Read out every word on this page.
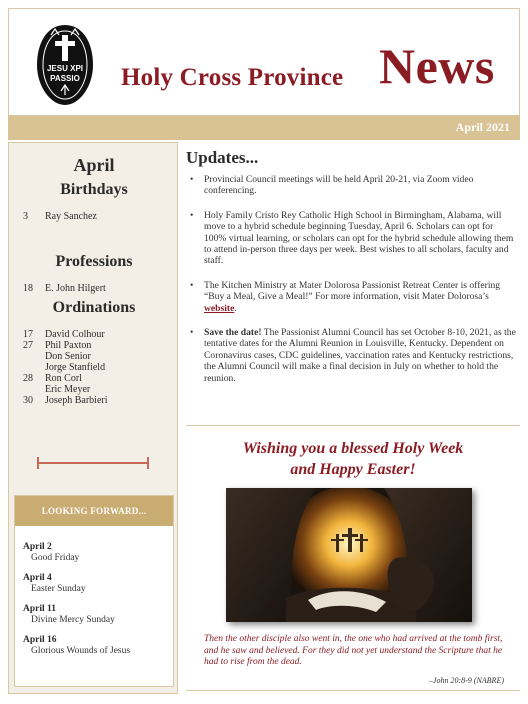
JESU XPI
PASSIO Holy Cross Province News
April 2021
April
Birthdays
3	Ray Sanchez
Professions
18	E. John Hilgert
Ordinations
17	David Colhour
27	Phil Paxton
Don Senior
Jorge Stanfield
28	Ron Corl
Eric Meyer
30	Joseph Barbieri
LOOKING FORWARD...
April 2
Good Friday
April 4
Easter Sunday
April 11
Divine Mercy Sunday
April 16
Glorious Wounds of Jesus
Updates...
• Provincial Council meetings will be held April 20-21, via Zoom video conferencing.
• Holy Family Cristo Rey Catholic High School in Birmingham, Alabama, will move to a hybrid schedule beginning Tuesday, April 6. Scholars can opt for 100% virtual learning, or scholars can opt for the hybrid schedule allowing them to attend in-person three days per week. Best wishes to all scholars, faculty and staff.
• The Kitchen Ministry at Mater Dolorosa Passionist Retreat Center is offering “Buy a Meal, Give a Meal!” For more information, visit Mater Dolorosa’s website.
• Save the date! The Passionist Alumni Council has set October 8-10, 2021, as the tentative dates for the Alumni Reunion in Louisville, Kentucky. Dependent on Coronavirus cases, CDC guidelines, vaccination rates and Kentucky restrictions, the Alumni Council will make a final decision in July on whether to hold the reunion.
Wishing you a blessed Holy Week
and Happy Easter!
Then the other disciple also went in, the one who had arrived at the tomb first, and he saw and believed. For they did not yet understand the Scripture that he had to rise from the dead.
–John 20:8-9 (NABRE)
